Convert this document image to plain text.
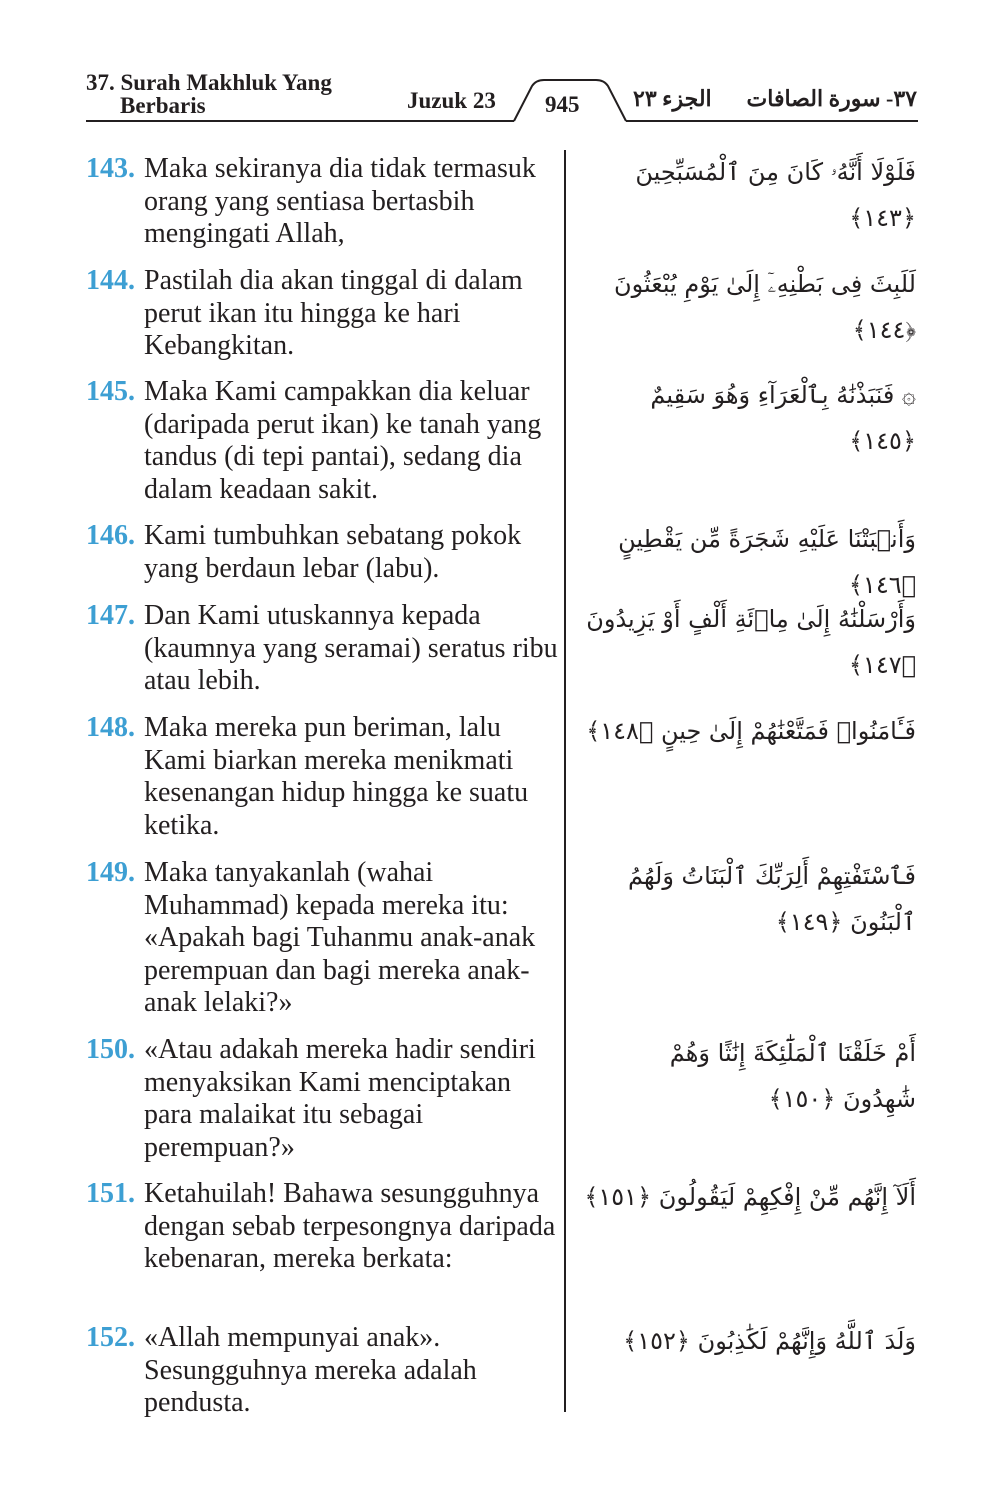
37. Surah Makhluk Yang
Berbaris	Juzuk 23 945 الجزء ٢٣ ٣٧- سورة الصافات
143. Maka sekiranya dia tidak termasuk orang yang sentiasa bertasbih mengingati Allah,
فَلَوْلَا أَنَّهُۥ كَانَ مِنَ ٱلْمُسَبِّحِينَ ﴿١٤٣﴾
144. Pastilah dia akan tinggal di dalam perut ikan itu hingga ke hari Kebangkitan.
لَلَبِثَ فِى بَطْنِهِۦٓ إِلَىٰ يَوْمِ يُبْعَثُونَ ﴿١٤٤﴾
145. Maka Kami campakkan dia keluar (daripada perut ikan) ke tanah yang tandus (di tepi pantai), sedang dia dalam keadaan sakit.
۞ فَنَبَذْنَٰهُ بِٱلْعَرَآءِ وَهُوَ سَقِيمٌ ﴿١٤٥﴾
146. Kami tumbuhkan sebatang pokok yang berdaun lebar (labu).
وَأَنۢبَتْنَا عَلَيْهِ شَجَرَةً مِّن يَقْطِينٍ ﴿١٤٦﴾
147. Dan Kami utuskannya kepada (kaumnya yang seramai) seratus ribu atau lebih.
وَأَرْسَلْنَٰهُ إِلَىٰ مِا۟ئَةِ أَلْفٍ أَوْ يَزِيدُونَ ﴿١٤٧﴾
148. Maka mereka pun beriman, lalu Kami biarkan mereka menikmati kesenangan hidup hingga ke suatu ketika.
فَـَٔامَنُوا۟ فَمَتَّعْنَٰهُمْ إِلَىٰ حِينٍ ﴿١٤٨﴾
149. Maka tanyakanlah (wahai Muhammad) kepada mereka itu: «Apakah bagi Tuhanmu anak-anak perempuan dan bagi mereka anak-anak lelaki?»
فَٱسْتَفْتِهِمْ أَلِرَبِّكَ ٱلْبَنَاتُ وَلَهُمُ ٱلْبَنُونَ ﴿١٤٩﴾
150. «Atau adakah mereka hadir sendiri menyaksikan Kami menciptakan para malaikat itu sebagai perempuan?»
أَمْ خَلَقْنَا ٱلْمَلَٰٓئِكَةَ إِنَٰثًا وَهُمْ شَٰهِدُونَ ﴿١٥٠﴾
151. Ketahuilah! Bahawa sesungguhnya dengan sebab terpesongnya daripada kebenaran, mereka berkata:
أَلَآ إِنَّهُم مِّنْ إِفْكِهِمْ لَيَقُولُونَ ﴿١٥١﴾
152. «Allah mempunyai anak». Sesungguhnya mereka adalah pendusta.
وَلَدَ ٱللَّهُ وَإِنَّهُمْ لَكَٰذِبُونَ ﴿١٥٢﴾
